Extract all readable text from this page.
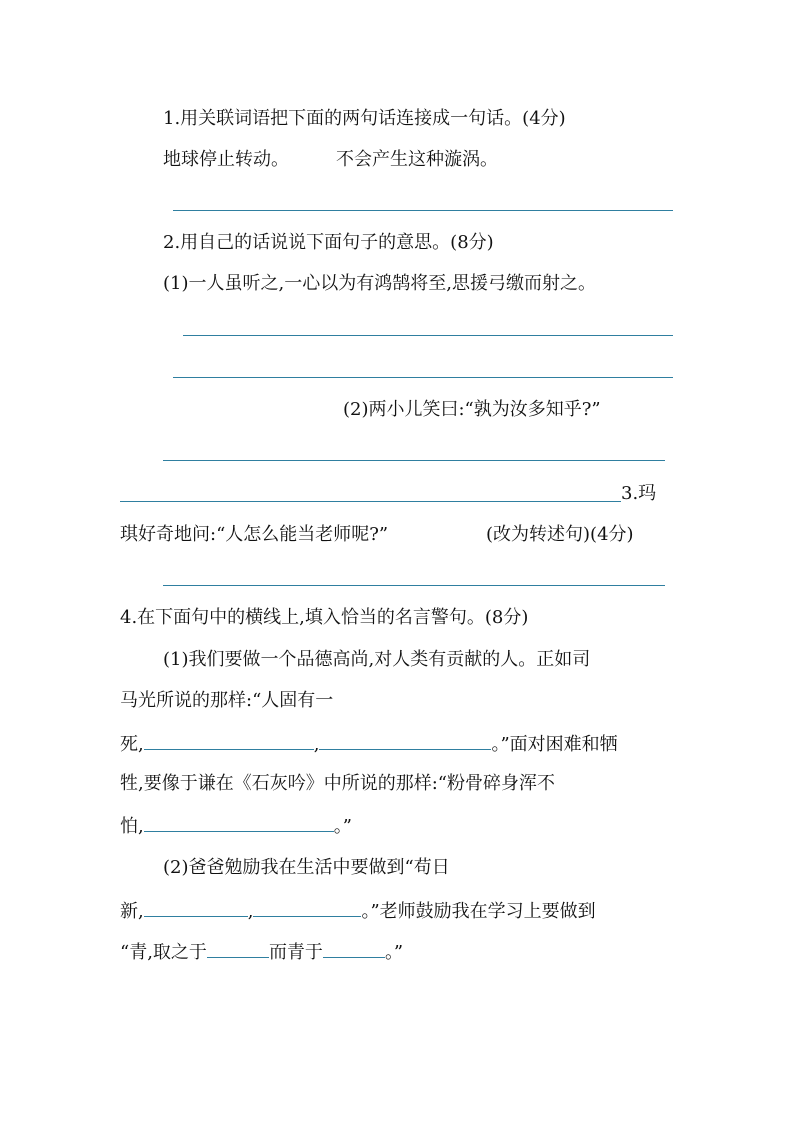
1.用关联词语把下面的两句话连接成一句话。(4分)
地球停止转动。	不会产生这种漩涡。
2.用自己的话说说下面句子的意思。(8分)
(1)一人虽听之,一心以为有鸿鹄将至,思援弓缴而射之。
(2)两小儿笑曰:“孰为汝多知乎?”
3.玛
琪好奇地问:“人怎么能当老师呢?”	(改为转述句)(4分)
4.在下面句中的横线上,填入恰当的名言警句。(8分)
(1)我们要做一个品德高尚,对人类有贡献的人。正如司
马光所说的那样:“人固有一
死,	,	。”面对困难和牺
牲,要像于谦在《石灰吟》中所说的那样:“粉骨碎身浑不
怕,	。”
(2)爸爸勉励我在生活中要做到“苟日
新,	,	。”老师鼓励我在学习上要做到
“青,取之于	而青于	。”
